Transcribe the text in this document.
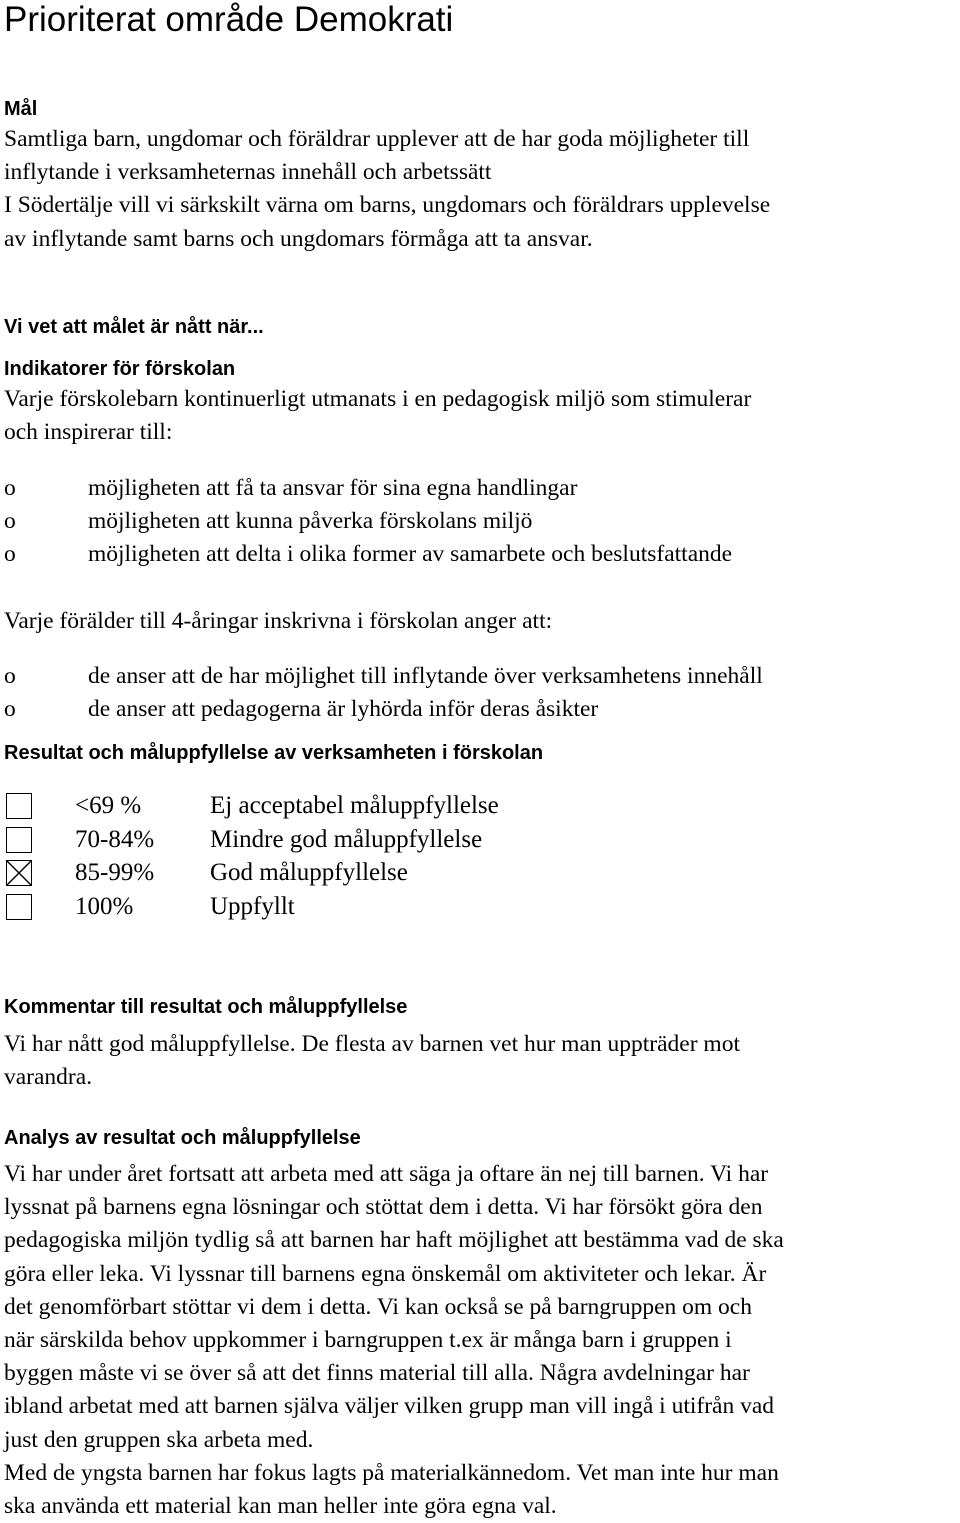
Prioriterat område Demokrati
Mål

Samtliga barn, ungdomar och föräldrar upplever att de har goda möjligheter till
inflytande i verksamheternas innehåll och arbetssätt
I Södertälje vill vi särkskilt värna om barns, ungdomars och föräldrars upplevelse
av inflytande samt barns och ungdomars förmåga att ta ansvar.

Vi vet att målet är nått när...
Indikatorer för förskolan

Varje förskolebarn kontinuerligt utmanats i en pedagogisk miljö som stimulerar
och inspirerar till:

o	möjligheten att få ta ansvar för sina egna handlingar
o	möjligheten att kunna påverka förskolans miljö
o	möjligheten att delta i olika former av samarbete och beslutsfattande

Varje förälder till 4-åringar inskrivna i förskolan anger att:

o	de anser att de har möjlighet till inflytande över verksamhetens innehåll
o	de anser att pedagogerna är lyhörda inför deras åsikter
Resultat och måluppfyllelse av verksamheten i förskolan
<69 %	Ej acceptabel måluppfyllelse
70-84% Mindre god måluppfyllelse
85-99% God måluppfyllelse
100%	Uppfyllt
Kommentar till resultat och måluppfyllelse

Vi har nått god måluppfyllelse. De flesta av barnen vet hur man uppträder mot
varandra.

Analys av resultat och måluppfyllelse

Vi har under året fortsatt att arbeta med att säga ja oftare än nej till barnen. Vi har
lyssnat på barnens egna lösningar och stöttat dem i detta. Vi har försökt göra den
pedagogiska miljön tydlig så att barnen har haft möjlighet att bestämma vad de ska
göra eller leka. Vi lyssnar till barnens egna önskemål om aktiviteter och lekar. Är
det genomförbart stöttar vi dem i detta. Vi kan också se på barngruppen om och
när särskilda behov uppkommer i barngruppen t.ex är många barn i gruppen i
byggen måste vi se över så att det finns material till alla. Några avdelningar har
ibland arbetat med att barnen själva väljer vilken grupp man vill ingå i utifrån vad
just den gruppen ska arbeta med.
Med de yngsta barnen har fokus lagts på materialkännedom. Vet man inte hur man
ska använda ett material kan man heller inte göra egna val.
